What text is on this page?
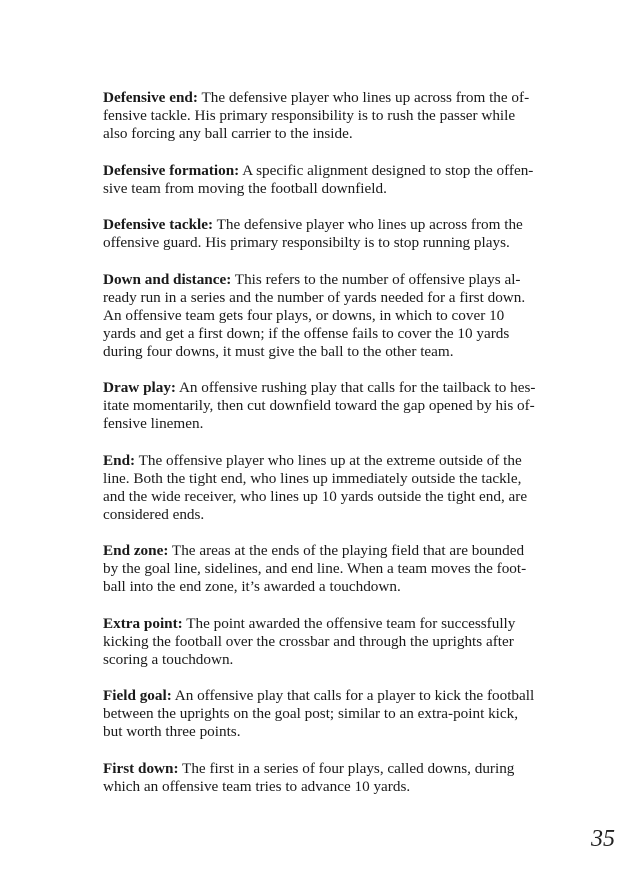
Defensive end: The defensive player who lines up across from the of-
fensive tackle. His primary responsibility is to rush the passer while
also forcing any ball carrier to the inside.

Defensive formation: A specific alignment designed to stop the offen-
sive team from moving the football downfield.

Defensive tackle: The defensive player who lines up across from the
offensive guard. His primary responsibilty is to stop running plays.

Down and distance: This refers to the number of offensive plays al-
ready run in a series and the number of yards needed for a first down.
An offensive team gets four plays, or downs, in which to cover 10
yards and get a first down; if the offense fails to cover the 10 yards
during four downs, it must give the ball to the other team.

Draw play: An offensive rushing play that calls for the tailback to hes-
itate momentarily, then cut downfield toward the gap opened by his of-
fensive linemen.

End: The offensive player who lines up at the extreme outside of the
line. Both the tight end, who lines up immediately outside the tackle,
and the wide receiver, who lines up 10 yards outside the tight end, are
considered ends.

End zone: The areas at the ends of the playing field that are bounded
by the goal line, sidelines, and end line. When a team moves the foot-
ball into the end zone, it’s awarded a touchdown.

Extra point: The point awarded the offensive team for successfully
kicking the football over the crossbar and through the uprights after
scoring a touchdown.

Field goal: An offensive play that calls for a player to kick the football
between the uprights on the goal post; similar to an extra-point kick,
but worth three points.

First down: The first in a series of four plays, called downs, during
which an offensive team tries to advance 10 yards.

35
